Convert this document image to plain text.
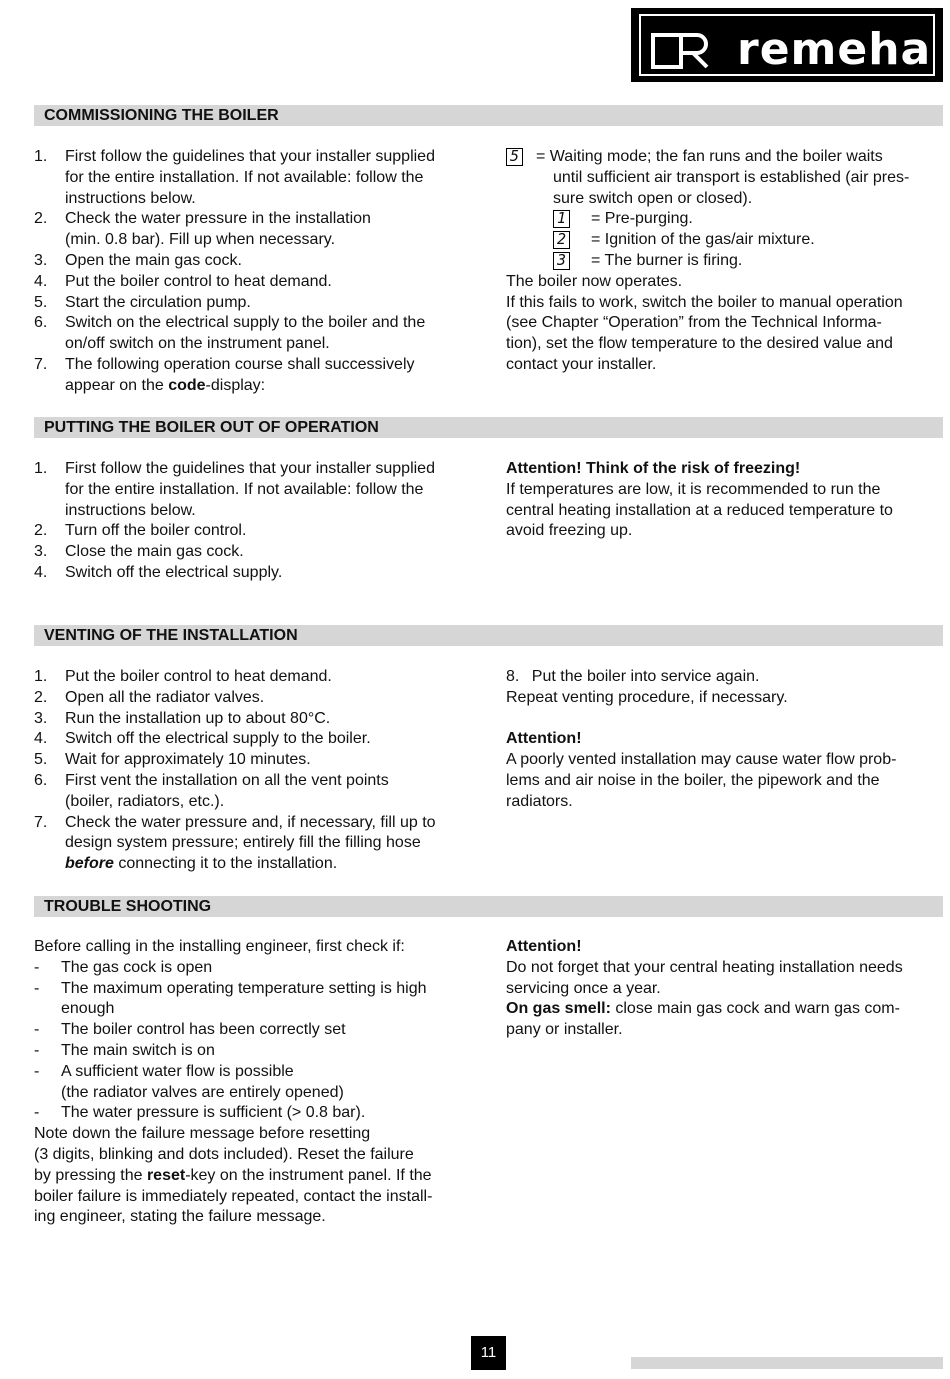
remeha
COMMISSIONING THE BOILER
1. First follow the guidelines that your installer supplied
for the entire installation. If not available: follow the
instructions below.
2. Check the water pressure in the installation
(min. 0.8 bar). Fill up when necessary.
3. Open the main gas cock.
4. Put the boiler control to heat demand.
5. Start the circulation pump.
6. Switch on the electrical supply to the boiler and the
on/off switch on the instrument panel.
7. The following operation course shall successively
appear on the code-display:
5 = Waiting mode; the fan runs and the boiler waits
until sufficient air transport is established (air pres-
sure switch open or closed).
1 = Pre-purging.
2 = Ignition of the gas/air mixture.
3 = The burner is firing.
The boiler now operates.
If this fails to work, switch the boiler to manual operation
(see Chapter “Operation” from the Technical Informa-
tion), set the flow temperature to the desired value and
contact your installer.
PUTTING THE BOILER OUT OF OPERATION
1. First follow the guidelines that your installer supplied
for the entire installation. If not available: follow the
instructions below.
2. Turn off the boiler control.
3. Close the main gas cock.
4. Switch off the electrical supply.
Attention! Think of the risk of freezing!
If temperatures are low, it is recommended to run the
central heating installation at a reduced temperature to
avoid freezing up.
VENTING OF THE INSTALLATION
1. Put the boiler control to heat demand.
2. Open all the radiator valves.
3. Run the installation up to about 80°C.
4. Switch off the electrical supply to the boiler.
5. Wait for approximately 10 minutes.
6. First vent the installation on all the vent points
(boiler, radiators, etc.).
7. Check the water pressure and, if necessary, fill up to
design system pressure; entirely fill the filling hose
before connecting it to the installation.
8.  Put the boiler into service again.
Repeat venting procedure, if necessary.
Attention!
A poorly vented installation may cause water flow prob-
lems and air noise in the boiler, the pipework and the
radiators.
TROUBLE SHOOTING
Before calling in the installing engineer, first check if:
- The gas cock is open
- The maximum operating temperature setting is high
enough
- The boiler control has been correctly set
- The main switch is on
- A sufficient water flow is possible
(the radiator valves are entirely opened)
- The water pressure is sufficient (> 0.8 bar).
Note down the failure message before resetting
(3 digits, blinking and dots included). Reset the failure
by pressing the reset-key on the instrument panel. If the
boiler failure is immediately repeated, contact the install-
ing engineer, stating the failure message.
Attention!
Do not forget that your central heating installation needs
servicing once a year.
On gas smell: close main gas cock and warn gas com-
pany or installer.
11
